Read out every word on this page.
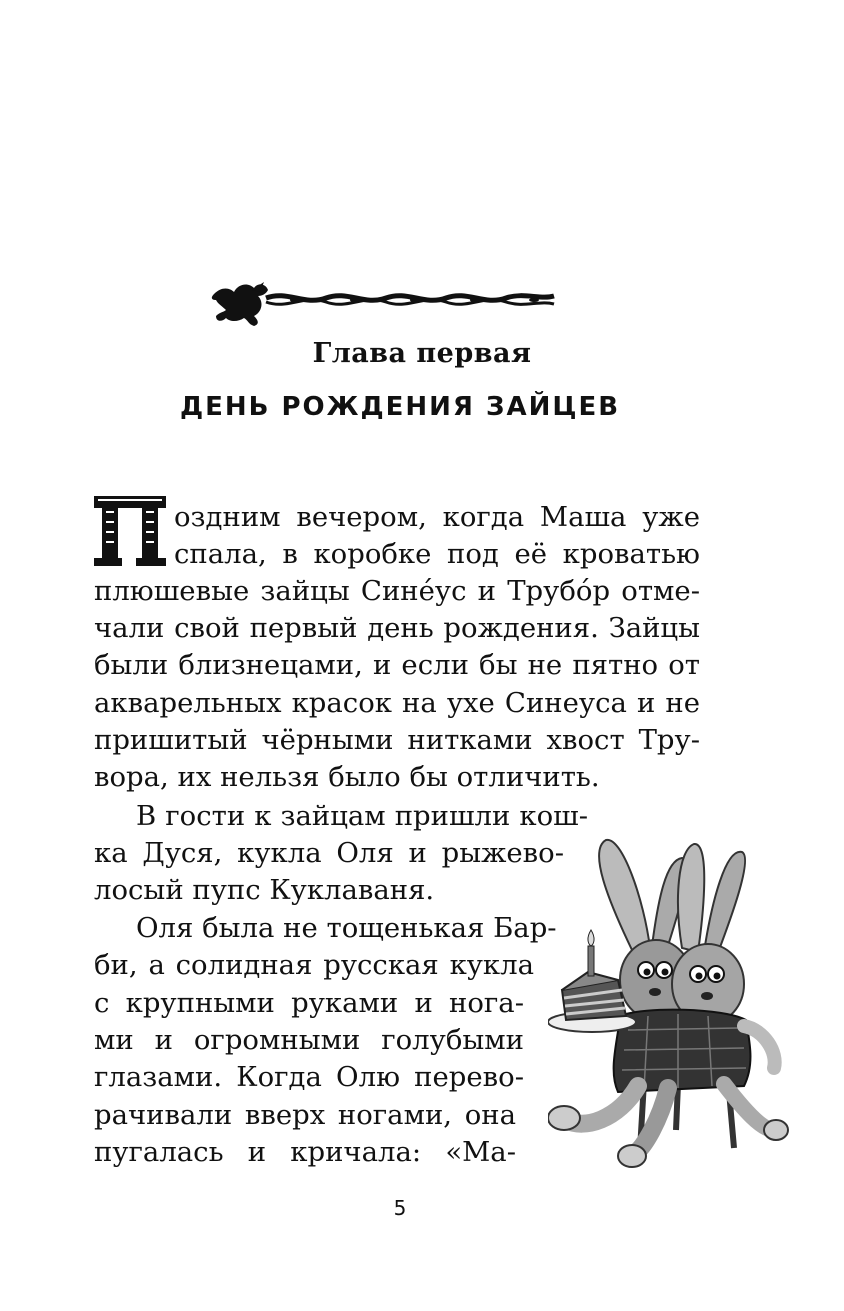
Глава первая
ДЕНЬ РОЖДЕНИЯ ЗАЙЦЕВ
оздним вечером, когда Маша уже
спала, в коробке под её кроватью
плюшевые зайцы Сине́ус и Трубо́р отме-
чали свой первый день рождения. Зайцы
были близнецами, и если бы не пятно от
акварельных красок на ухе Синеуса и не
пришитый чёрными нитками хвост Тру-
вора, их нельзя было бы отличить.
В гости к зайцам пришли кош-
ка Дуся, кукла Оля и рыжево-
лосый пупс Куклаваня.
Оля была не тощенькая Бар-
би, а солидная русская кукла
с крупными руками и нога-
ми и огромными голубыми
глазами. Когда Олю перево-
рачивали вверх ногами, она
пугалась и кричала: «Ма-
5
